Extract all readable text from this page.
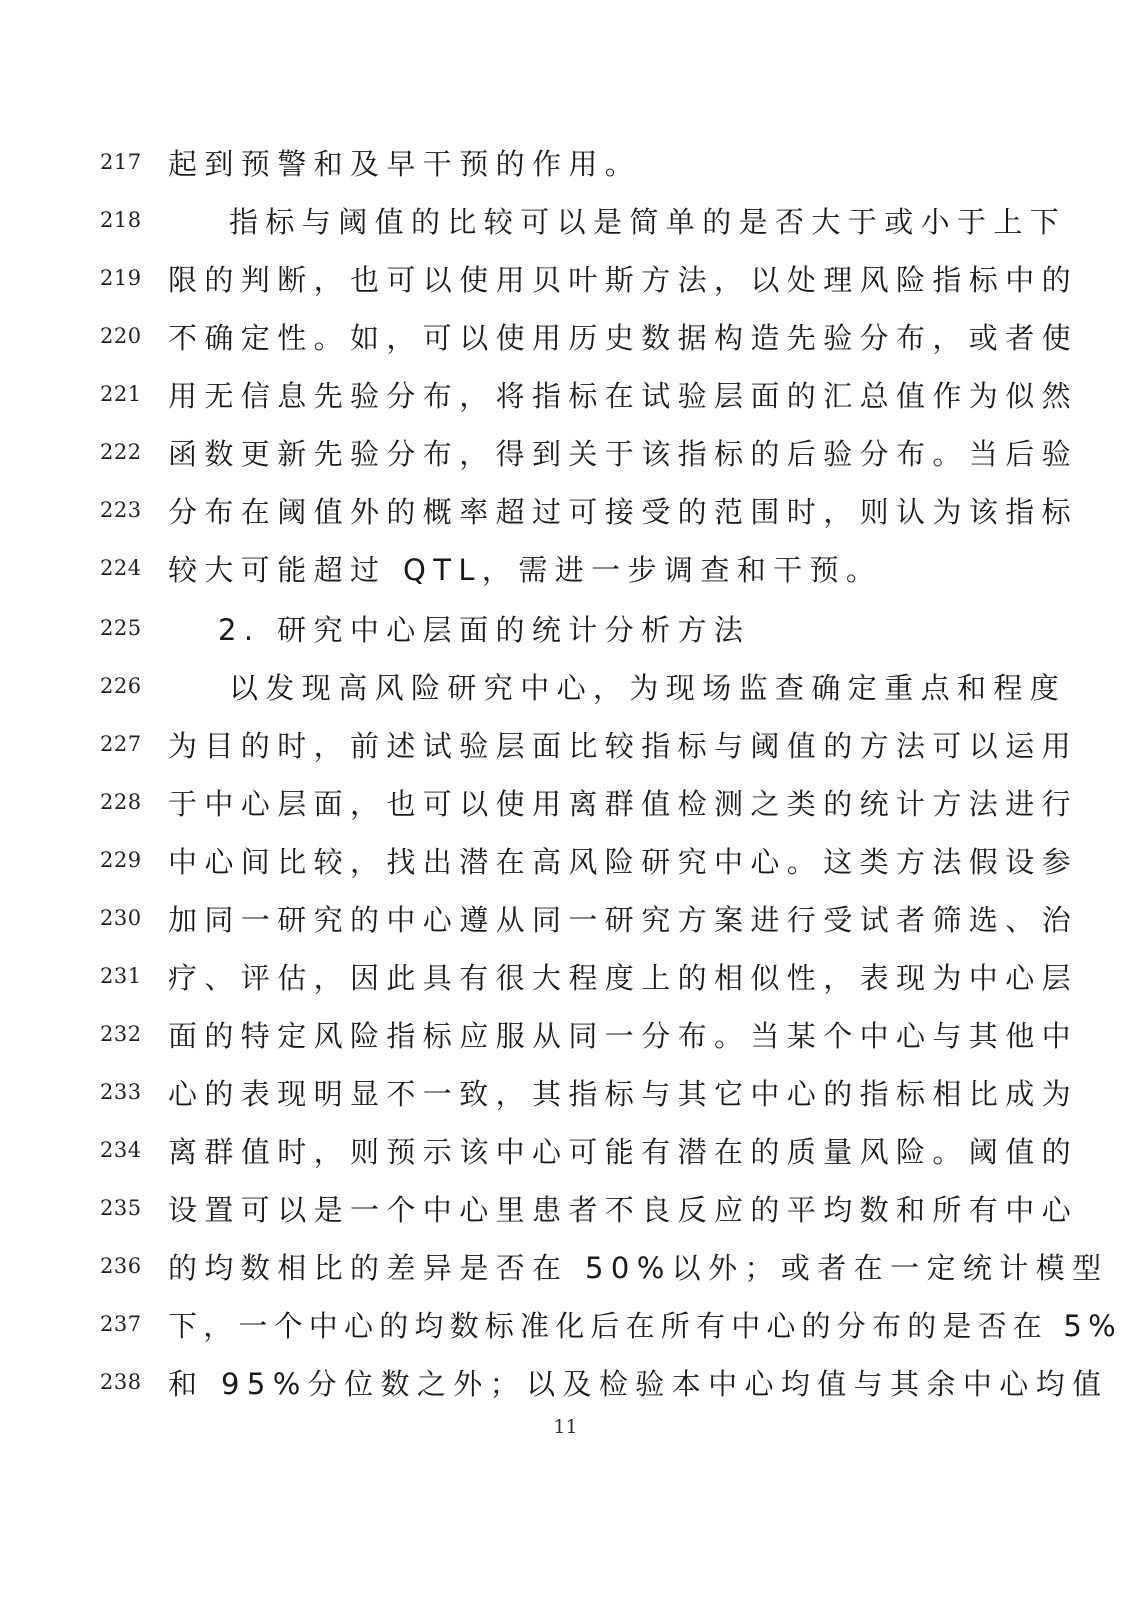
217 起到预警和及早干预的作用。
218	指标与阈值的比较可以是简单的是否大于或小于上下
219 限的判断，也可以使用贝叶斯方法，以处理风险指标中的
220 不确定性。如，可以使用历史数据构造先验分布，或者使
221 用无信息先验分布，将指标在试验层面的汇总值作为似然
222 函数更新先验分布，得到关于该指标的后验分布。当后验
223 分布在阈值外的概率超过可接受的范围时，则认为该指标
224 较大可能超过 QTL，需进一步调查和干预。
225	2. 研究中心层面的统计分析方法
226	以发现高风险研究中心，为现场监查确定重点和程度
227 为目的时，前述试验层面比较指标与阈值的方法可以运用
228 于中心层面，也可以使用离群值检测之类的统计方法进行
229 中心间比较，找出潜在高风险研究中心。这类方法假设参
230 加同一研究的中心遵从同一研究方案进行受试者筛选、治
231 疗、评估，因此具有很大程度上的相似性，表现为中心层
232 面的特定风险指标应服从同一分布。当某个中心与其他中
233 心的表现明显不一致，其指标与其它中心的指标相比成为
234 离群值时，则预示该中心可能有潜在的质量风险。阈值的
235 设置可以是一个中心里患者不良反应的平均数和所有中心
236 的均数相比的差异是否在 50%以外；或者在一定统计模型
237 下，一个中心的均数标准化后在所有中心的分布的是否在 5%
238 和 95%分位数之外；以及检验本中心均值与其余中心均值
11
